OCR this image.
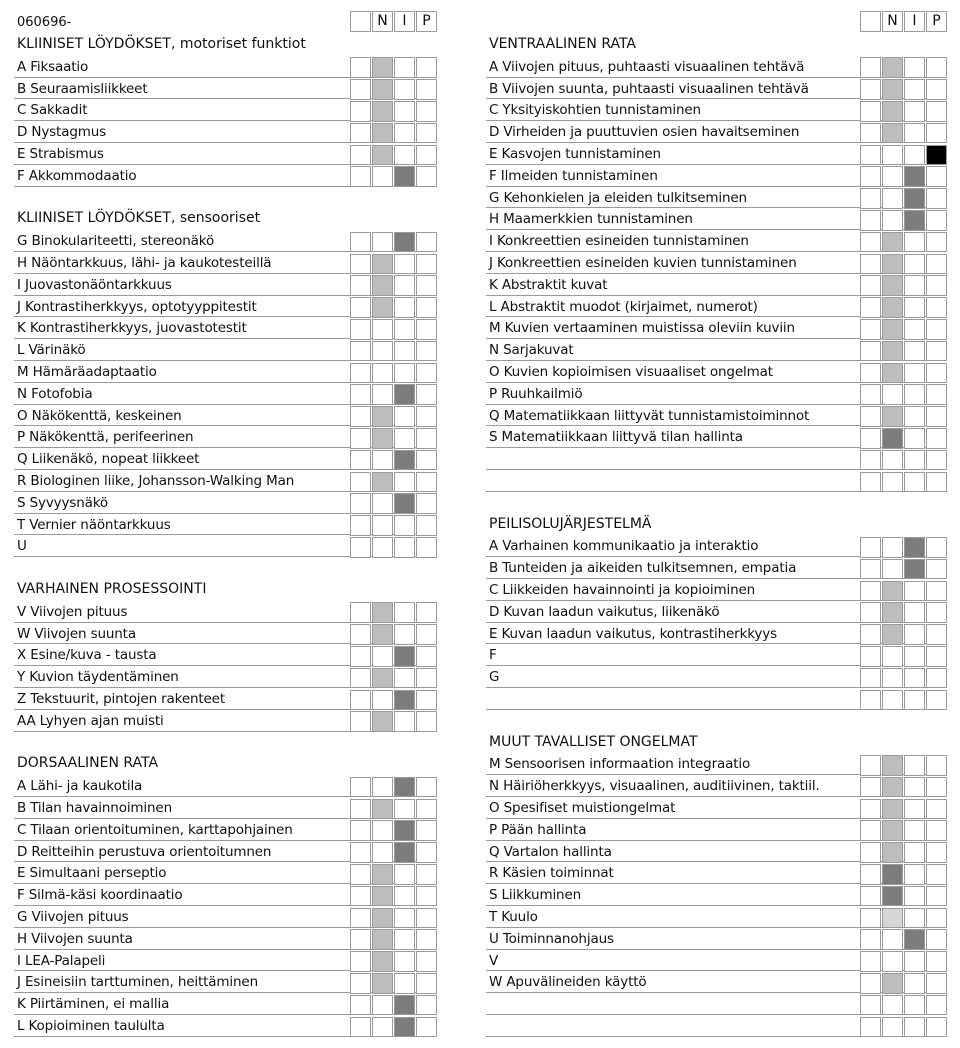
060696-	N	I	P
KLIINISET LÖYDÖKSET, motoriset funktiot
A Fiksaatio
B Seuraamisliikkeet
C Sakkadit
D Nystagmus
E Strabismus
F Akkommodaatio
KLIINISET LÖYDÖKSET, sensooriset
G Binokulariteetti, stereonäkö
H Näöntarkkuus, lähi- ja kaukotesteillä
I Juovastonäöntarkkuus
J Kontrastiherkkyys, optotyyppitestit
K Kontrastiherkkyys, juovastotestit
L Värinäkö
M Hämäräadaptaatio
N Fotofobia
O Näkökenttä, keskeinen
P Näkökenttä, perifeerinen
Q Liikenäkö, nopeat liikkeet
R Biologinen liike, Johansson-Walking Man
S Syvyysnäkö
T Vernier näöntarkkuus
U
VARHAINEN PROSESSOINTI
V Viivojen pituus
W Viivojen suunta
X Esine/kuva - tausta
Y Kuvion täydentäminen
Z Tekstuurit, pintojen rakenteet
AA Lyhyen ajan muisti
DORSAALINEN RATA
A Lähi- ja kaukotila
B Tilan havainnoiminen
C Tilaan orientoituminen, karttapohjainen
D Reitteihin perustuva orientoitumnen
E Simultaani perseptio
F Silmä-käsi koordinaatio
G Viivojen pituus
H Viivojen suunta
I LEA-Palapeli
J Esineisiin tarttuminen, heittäminen
K Piirtäminen, ei mallia
L Kopioiminen taululta
N	I	P
VENTRAALINEN RATA
A Viivojen pituus, puhtaasti visuaalinen tehtävä
B Viivojen suunta, puhtaasti visuaalinen tehtävä
C Yksityiskohtien tunnistaminen
D Virheiden ja puuttuvien osien havaitseminen
E Kasvojen tunnistaminen
F Ilmeiden tunnistaminen
G Kehonkielen ja eleiden tulkitseminen
H Maamerkkien tunnistaminen
I Konkreettien esineiden tunnistaminen
J Konkreettien esineiden kuvien tunnistaminen
K Abstraktit kuvat
L Abstraktit muodot (kirjaimet, numerot)
M Kuvien vertaaminen muistissa oleviin kuviin
N Sarjakuvat
O Kuvien kopioimisen visuaaliset ongelmat
P Ruuhkailmiö
Q Matematiikkaan liittyvät tunnistamistoiminnot
S Matematiikkaan liittyvä tilan hallinta
PEILISOLUJÄRJESTELMÄ
A Varhainen kommunikaatio ja interaktio
B Tunteiden ja aikeiden tulkitsemnen, empatia
C Liikkeiden havainnointi ja kopioiminen
D Kuvan laadun vaikutus, liikenäkö
E Kuvan laadun vaikutus, kontrastiherkkyys
F
G
MUUT TAVALLISET ONGELMAT
M Sensoorisen informaation integraatio
N Häiriöherkkyys, visuaalinen, auditiivinen, taktiil.
O Spesifiset muistiongelmat
P Pään hallinta
Q Vartalon hallinta
R Käsien toiminnat
S Liikkuminen
T Kuulo
U Toiminnanohjaus
V
W Apuvälineiden käyttö
